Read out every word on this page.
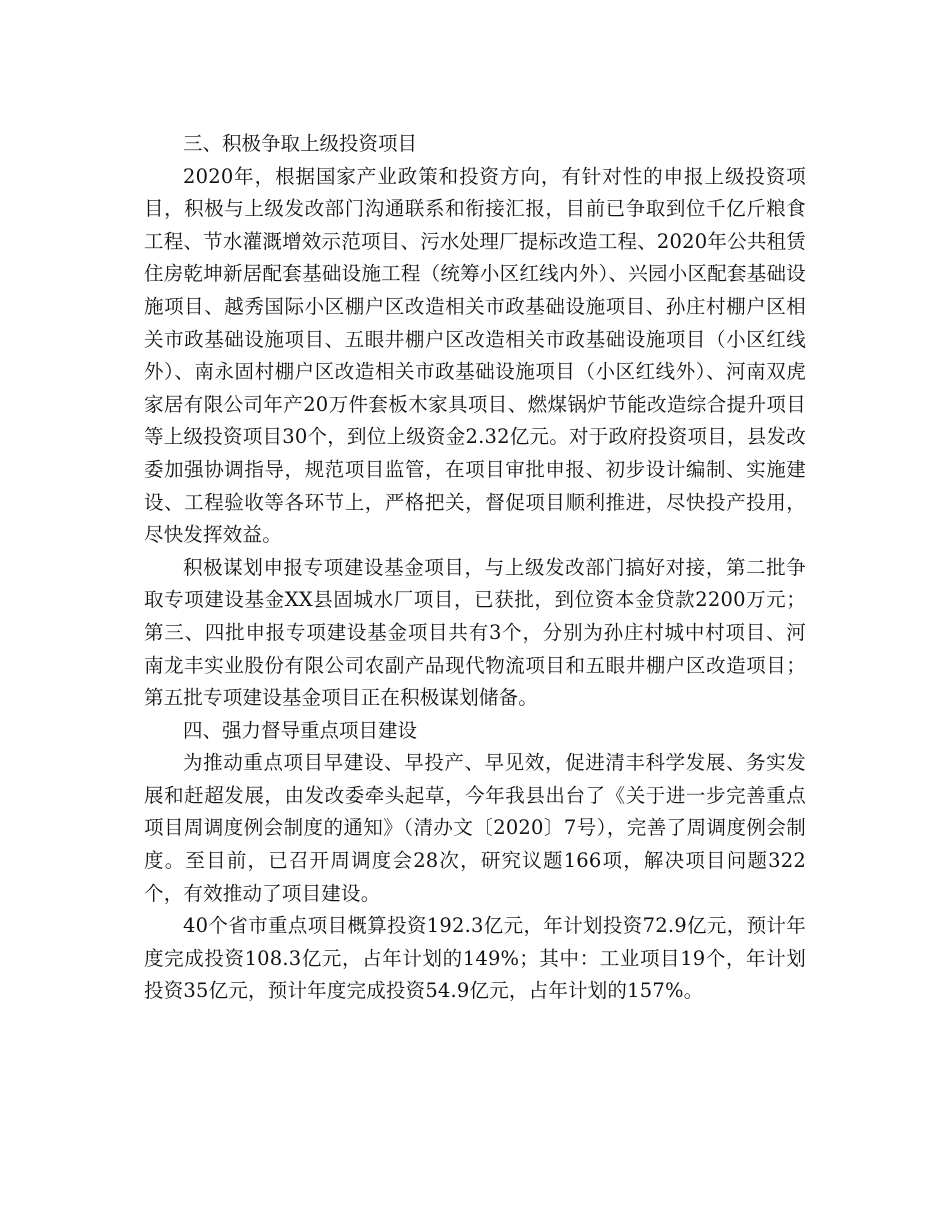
三、积极争取上级投资项目

2020年，根据国家产业政策和投资方向，有针对性的申报上级投资项目，积极与上级发改部门沟通联系和衔接汇报，目前已争取到位千亿斤粮食工程、节水灌溉增效示范项目、污水处理厂提标改造工程、2020年公共租赁住房乾坤新居配套基础设施工程（统筹小区红线内外）、兴园小区配套基础设施项目、越秀国际小区棚户区改造相关市政基础设施项目、孙庄村棚户区相关市政基础设施项目、五眼井棚户区改造相关市政基础设施项目（小区红线外）、南永固村棚户区改造相关市政基础设施项目（小区红线外）、河南双虎家居有限公司年产20万件套板木家具项目、燃煤锅炉节能改造综合提升项目等上级投资项目30个，到位上级资金2.32亿元。对于政府投资项目，县发改委加强协调指导，规范项目监管，在项目审批申报、初步设计编制、实施建设、工程验收等各环节上，严格把关，督促项目顺利推进，尽快投产投用，尽快发挥效益。

积极谋划申报专项建设基金项目，与上级发改部门搞好对接，第二批争取专项建设基金XX县固城水厂项目，已获批，到位资本金贷款2200万元；第三、四批申报专项建设基金项目共有3个，分别为孙庄村城中村项目、河南龙丰实业股份有限公司农副产品现代物流项目和五眼井棚户区改造项目；第五批专项建设基金项目正在积极谋划储备。

四、强力督导重点项目建设

为推动重点项目早建设、早投产、早见效，促进清丰科学发展、务实发展和赶超发展，由发改委牵头起草，今年我县出台了《关于进一步完善重点项目周调度例会制度的通知》（清办文〔2020〕7号），完善了周调度例会制度。至目前，已召开周调度会28次，研究议题166项，解决项目问题322个，有效推动了项目建设。

40个省市重点项目概算投资192.3亿元，年计划投资72.9亿元，预计年度完成投资108.3亿元，占年计划的149%；其中：工业项目19个，年计划投资35亿元，预计年度完成投资54.9亿元，占年计划的157%。
